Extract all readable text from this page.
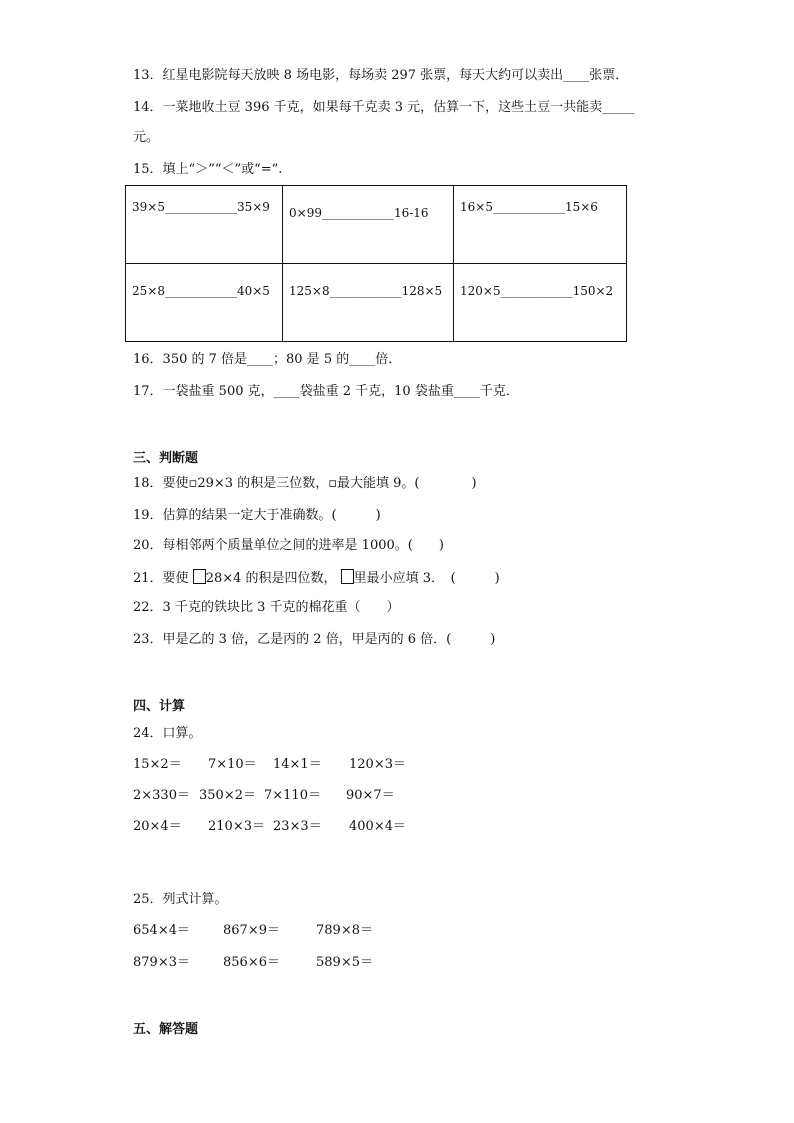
13．红星电影院每天放映 8 场电影，每场卖 297 张票，每天大约可以卖出____张票．
14．一菜地收土豆 396 千克，如果每千克卖 3 元，估算一下，这些土豆一共能卖_____
元。
15．填上“＞”“＜”或“=”.
39×5____________35×9	0×99____________16-16	16×5____________15×6

25×8____________40×5	125×8____________128×5	120×5____________150×2
16．350 的 7 倍是____；80 是 5 的____倍．
17．一袋盐重 500 克，____袋盐重 2 千克，10 袋盐重____千克．
三、判断题
18．要使▫29×3 的积是三位数，▫最大能填 9。(　　　　)
19．估算的结果一定大于准确数。(　　　)
20．每相邻两个质量单位之间的进率是 1000。(　　)
21．要使 28×4 的积是四位数， 里最小应填 3．　(　　　)
22．3 千克的铁块比 3 千克的棉花重（　　）
23．甲是乙的 3 倍，乙是丙的 2 倍，甲是丙的 6 倍．(　　　)
四、计算
24．口算。
15×2＝ 7×10＝ 14×1＝ 120×3＝
2×330＝ 350×2＝ 7×110＝ 90×7＝
20×4＝ 210×3＝ 23×3＝ 400×4＝
25．列式计算。
654×4＝	867×9＝	789×8＝
879×3＝	856×6＝	589×5＝
五、解答题
